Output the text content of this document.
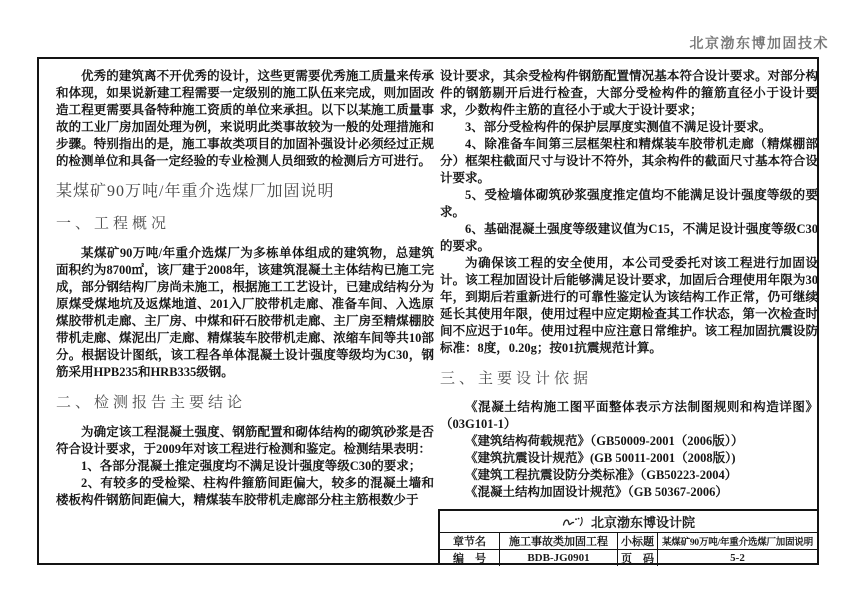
北京渤东博加固技术

优秀的建筑离不开优秀的设计，这些更需要优秀施工质量来传承和体现，如果说新建工程需要一定级别的施工队伍来完成，则加固改造工程更需要具备特种施工资质的单位来承担。以下以某施工质量事故的工业厂房加固处理为例，来说明此类事故较为一般的处理措施和步骤。特别指出的是，施工事故类项目的加固补强设计必须经过正规的检测单位和具备一定经验的专业检测人员细致的检测后方可进行。

某煤矿90万吨/年重介选煤厂加固说明
一、工程概况

某煤矿90万吨/年重介选煤厂为多栋单体组成的建筑物，总建筑面积约为8700㎡，该厂建于2008年，该建筑混凝土主体结构已施工完成，部分钢结构厂房尚未施工，根据施工工艺设计，已建成结构分为原煤受煤地坑及返煤地道、201入厂胶带机走廊、准备车间、入选原煤胶带机走廊、主厂房、中煤和矸石胶带机走廊、主厂房至精煤棚胶带机走廊、煤泥出厂走廊、精煤装车胶带机走廊、浓缩车间等共10部分。根据设计图纸，该工程各单体混凝土设计强度等级均为C30，钢筋采用HPB235和HRB335级钢。

二、检测报告主要结论

为确定该工程混凝土强度、钢筋配置和砌体结构的砌筑砂浆是否符合设计要求，于2009年对该工程进行检测和鉴定。检测结果表明：

1、各部分混凝土推定强度均不满足设计强度等级C30的要求；

2、有较多的受检梁、柱构件箍筋间距偏大，较多的混凝土墙和楼板构件钢筋间距偏大，精煤装车胶带机走廊部分柱主筋根数少于

设计要求，其余受检构件钢筋配置情况基本符合设计要求。对部分构件的钢筋剔开后进行检查，大部分受检构件的箍筋直径小于设计要求，少数构件主筋的直径小于或大于设计要求；

3、部分受检构件的保护层厚度实测值不满足设计要求。

4、除准备车间第三层框架柱和精煤装车胶带机走廊（精煤棚部分）框架柱截面尺寸与设计不符外，其余构件的截面尺寸基本符合设计要求。

5、受检墙体砌筑砂浆强度推定值均不能满足设计强度等级的要求。

6、基础混凝土强度等级建议值为C15，不满足设计强度等级C30的要求。

为确保该工程的安全使用，本公司受委托对该工程进行加固设计。该工程加固设计后能够满足设计要求，加固后合理使用年限为30年，到期后若重新进行的可靠性鉴定认为该结构工作正常，仍可继续延长其使用年限，使用过程中应定期检查其工作状态，第一次检查时间不应迟于10年。使用过程中应注意日常维护。该工程加固抗震设防标准：8度，0.20g；按01抗震规范计算。

三、主要设计依据

《混凝土结构施工图平面整体表示方法制图规则和构造详图》（03G101-1）

《建筑结构荷载规范》（GB50009-2001（2006版））

《建筑抗震设计规范》(GB 50011-2001（2008版）)

《建筑工程抗震设防分类标准》（GB50223-2004）

《混凝土结构加固设计规范》（GB 50367-2006）

北京渤东博设计院
章节名	施工事故类加固工程	小标题 某煤矿90万吨/年重介选煤厂加固说明
编　号	BDB-JG0901	页　码	5-2
